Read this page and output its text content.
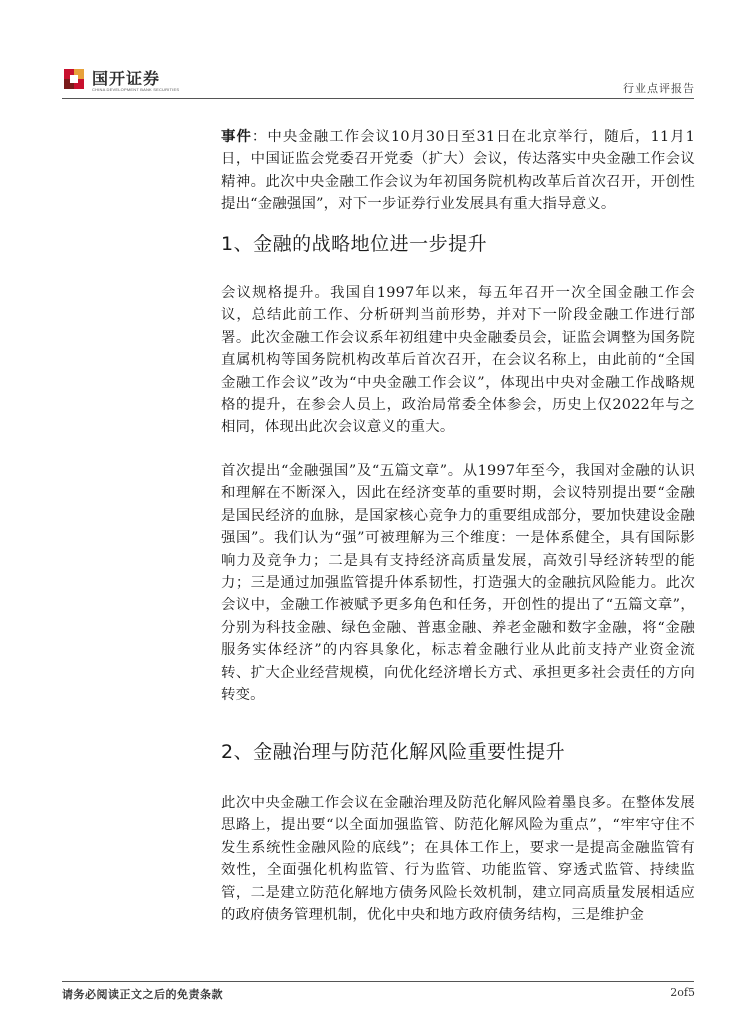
国开证券
CHINA DEVELOPMENT BANK SECURITIES	行业点评报告

事件：中央金融工作会议10月30日至31日在北京举行，随后，11月1日，中国证监会党委召开党委（扩大）会议，传达落实中央金融工作会议精神。此次中央金融工作会议为年初国务院机构改革后首次召开，开创性提出“金融强国”，对下一步证券行业发展具有重大指导意义。

1、金融的战略地位进一步提升

会议规格提升。我国自1997年以来，每五年召开一次全国金融工作会议，总结此前工作、分析研判当前形势，并对下一阶段金融工作进行部署。此次金融工作会议系年初组建中央金融委员会，证监会调整为国务院直属机构等国务院机构改革后首次召开，在会议名称上，由此前的“全国金融工作会议”改为“中央金融工作会议”，体现出中央对金融工作战略规格的提升，在参会人员上，政治局常委全体参会，历史上仅2022年与之相同，体现出此次会议意义的重大。

首次提出“金融强国”及“五篇文章”。从1997年至今，我国对金融的认识和理解在不断深入，因此在经济变革的重要时期，会议特别提出要“金融是国民经济的血脉，是国家核心竞争力的重要组成部分，要加快建设金融强国”。我们认为“强”可被理解为三个维度：一是体系健全，具有国际影响力及竞争力；二是具有支持经济高质量发展，高效引导经济转型的能力；三是通过加强监管提升体系韧性，打造强大的金融抗风险能力。此次会议中，金融工作被赋予更多角色和任务，开创性的提出了“五篇文章”，分别为科技金融、绿色金融、普惠金融、养老金融和数字金融，将“金融服务实体经济”的内容具象化，标志着金融行业从此前支持产业资金流转、扩大企业经营规模，向优化经济增长方式、承担更多社会责任的方向转变。

2、金融治理与防范化解风险重要性提升

此次中央金融工作会议在金融治理及防范化解风险着墨良多。在整体发展思路上，提出要“以全面加强监管、防范化解风险为重点”，“牢牢守住不发生系统性金融风险的底线”；在具体工作上，要求一是提高金融监管有效性，全面强化机构监管、行为监管、功能监管、穿透式监管、持续监管，二是建立防范化解地方债务风险长效机制，建立同高质量发展相适应的政府债务管理机制，优化中央和地方政府债务结构，三是维护金

请务必阅读正文之后的免责条款	2of5
